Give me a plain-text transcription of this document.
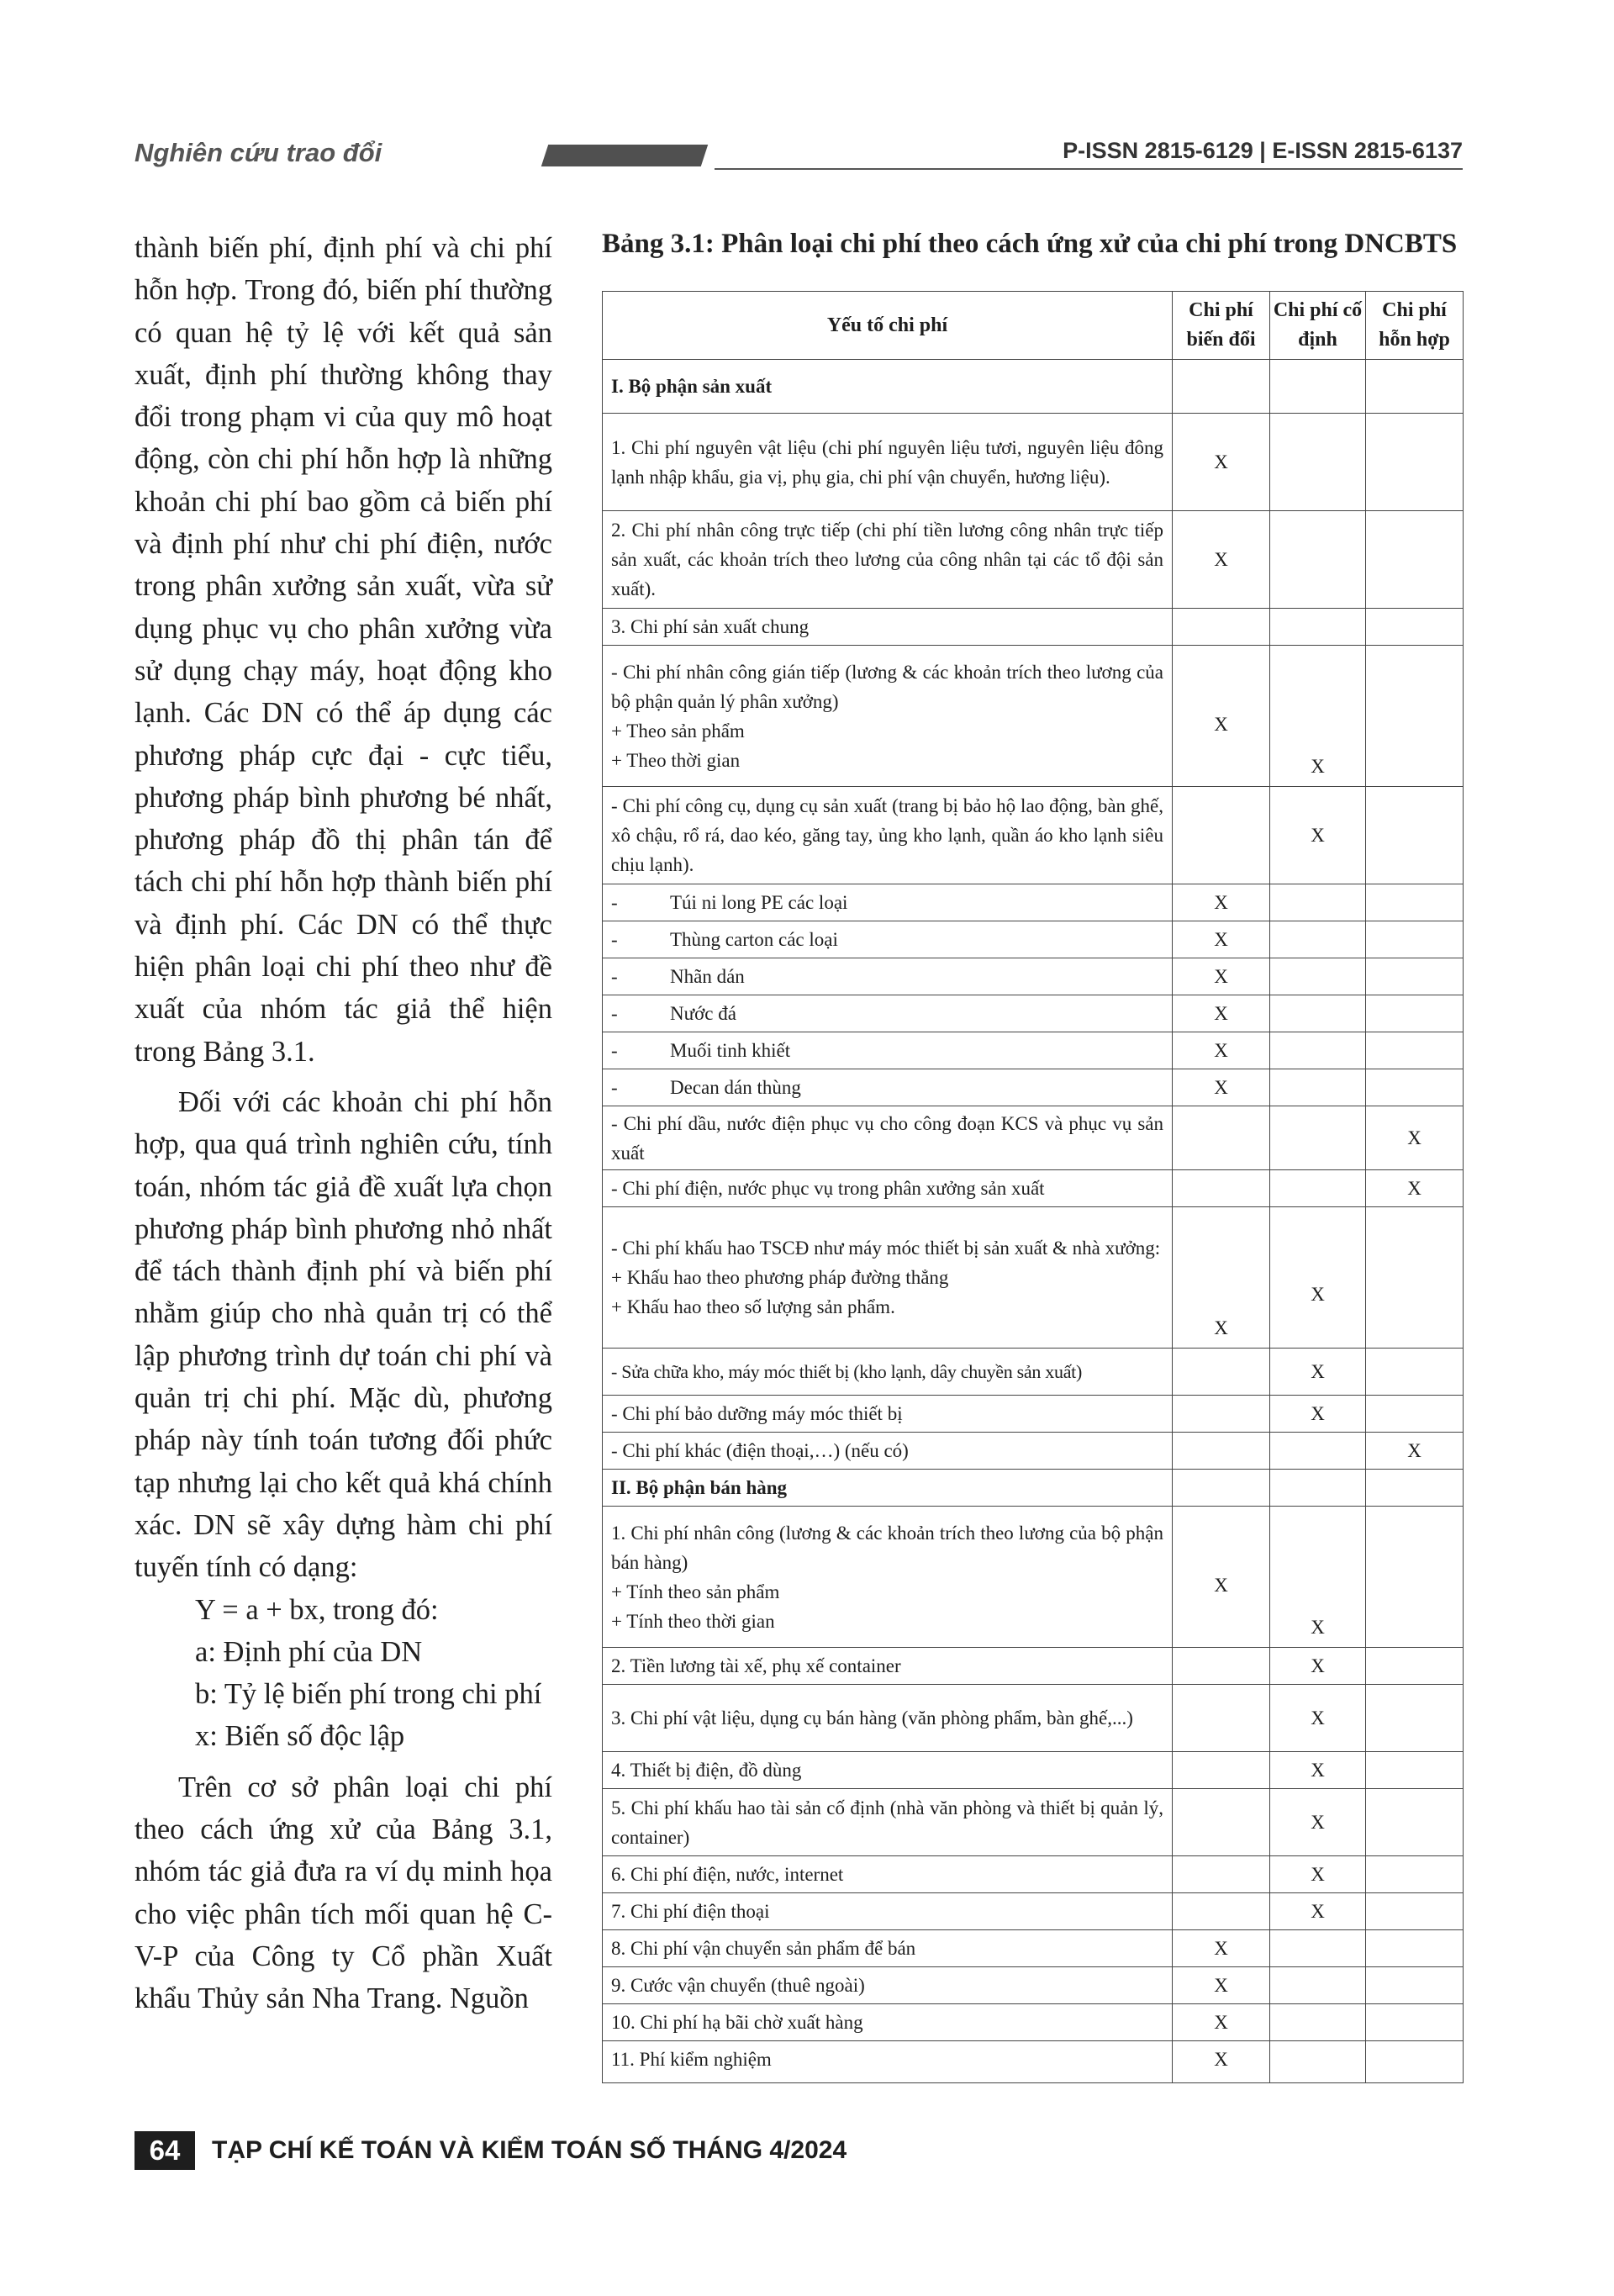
Nghiên cứu trao đổi	P-ISSN 2815-6129 | E-ISSN 2815-6137

thành biến phí, định phí và chi phí hỗn hợp. Trong đó, biến phí thường có quan hệ tỷ lệ với kết quả sản xuất, định phí thường không thay đổi trong phạm vi của quy mô hoạt động, còn chi phí hỗn hợp là những khoản chi phí bao gồm cả biến phí và định phí như chi phí điện, nước trong phân xưởng sản xuất, vừa sử dụng phục vụ cho phân xưởng vừa sử dụng chạy máy, hoạt động kho lạnh. Các DN có thể áp dụng các phương pháp cực đại - cực tiểu, phương pháp bình phương bé nhất, phương pháp đồ thị phân tán để tách chi phí hỗn hợp thành biến phí và định phí. Các DN có thể thực hiện phân loại chi phí theo như đề xuất của nhóm tác giả thể hiện trong Bảng 3.1.

Đối với các khoản chi phí hỗn hợp, qua quá trình nghiên cứu, tính toán, nhóm tác giả đề xuất lựa chọn phương pháp bình phương nhỏ nhất để tách thành định phí và biến phí nhằm giúp cho nhà quản trị có thể lập phương trình dự toán chi phí và quản trị chi phí. Mặc dù, phương pháp này tính toán tương đối phức tạp nhưng lại cho kết quả khá chính xác. DN sẽ xây dựng hàm chi phí tuyến tính có dạng:

Y = a + bx, trong đó:

a: Định phí của DN

b: Tỷ lệ biến phí trong chi phí

x: Biến số độc lập

Trên cơ sở phân loại chi phí theo cách ứng xử của Bảng 3.1, nhóm tác giả đưa ra ví dụ minh họa cho việc phân tích mối quan hệ C-V-P của Công ty Cổ phần Xuất khẩu Thủy sản Nha Trang. Nguồn

Bảng 3.1: Phân loại chi phí theo cách ứng xử của chi phí trong DNCBTS
Yếu tố chi phí	Chi phí biến đổi	Chi phí cố định	Chi phí hỗn hợp
I. Bộ phận sản xuất			
1. Chi phí nguyên vật liệu (chi phí nguyên liệu tươi, nguyên liệu đông lạnh nhập khẩu, gia vị, phụ gia, chi phí vận chuyển, hương liệu).	X		
2. Chi phí nhân công trực tiếp (chi phí tiền lương công nhân trực tiếp sản xuất, các khoản trích theo lương của công nhân tại các tổ đội sản xuất).	X		
3. Chi phí sản xuất chung			

- Chi phí nhân công gián tiếp (lương & các khoản trích theo lương của bộ phận quản lý phân xưởng)
+ Theo sản phẩm
+ Theo thời gian	X	X	
- Chi phí công cụ, dụng cụ sản xuất (trang bị bảo hộ lao động, bàn ghế, xô chậu, rổ rá, dao kéo, găng tay, ủng kho lạnh, quần áo kho lạnh siêu chịu lạnh).		X	
- Túi ni long PE các loại	X		
- Thùng carton các loại	X		
- Nhãn dán	X		
- Nước đá	X		
- Muối tinh khiết	X		
- Decan dán thùng	X		
- Chi phí dầu, nước điện phục vụ cho công đoạn KCS và phục vụ sản xuất			X
- Chi phí điện, nước phục vụ trong phân xưởng sản xuất			X

- Chi phí khấu hao TSCĐ như máy móc thiết bị sản xuất & nhà xưởng:
+ Khấu hao theo phương pháp đường thẳng
+ Khấu hao theo số lượng sản phẩm.	X	X	
- Sửa chữa kho, máy móc thiết bị (kho lạnh, dây chuyền sản xuất)		X	
- Chi phí bảo dưỡng máy móc thiết bị		X	
- Chi phí khác (điện thoại,…) (nếu có)			X
II. Bộ phận bán hàng			

1. Chi phí nhân công (lương & các khoản trích theo lương của bộ phận bán hàng)
+ Tính theo sản phẩm
+ Tính theo thời gian	X	X	
2. Tiền lương tài xế, phụ xế container		X	
3. Chi phí vật liệu, dụng cụ bán hàng (văn phòng phẩm, bàn ghế,...)		X	
4. Thiết bị điện, đồ dùng		X	
5. Chi phí khấu hao tài sản cố định (nhà văn phòng và thiết bị quản lý, container)		X	
6. Chi phí điện, nước, internet		X	
7. Chi phí điện thoại		X	
8. Chi phí vận chuyển sản phẩm để bán	X		
9. Cước vận chuyển (thuê ngoài)	X		
10. Chi phí hạ bãi chờ xuất hàng	X		
11. Phí kiểm nghiệm	X		
64	TẠP CHÍ KẾ TOÁN VÀ KIỂM TOÁN SỐ THÁNG 4/2024
